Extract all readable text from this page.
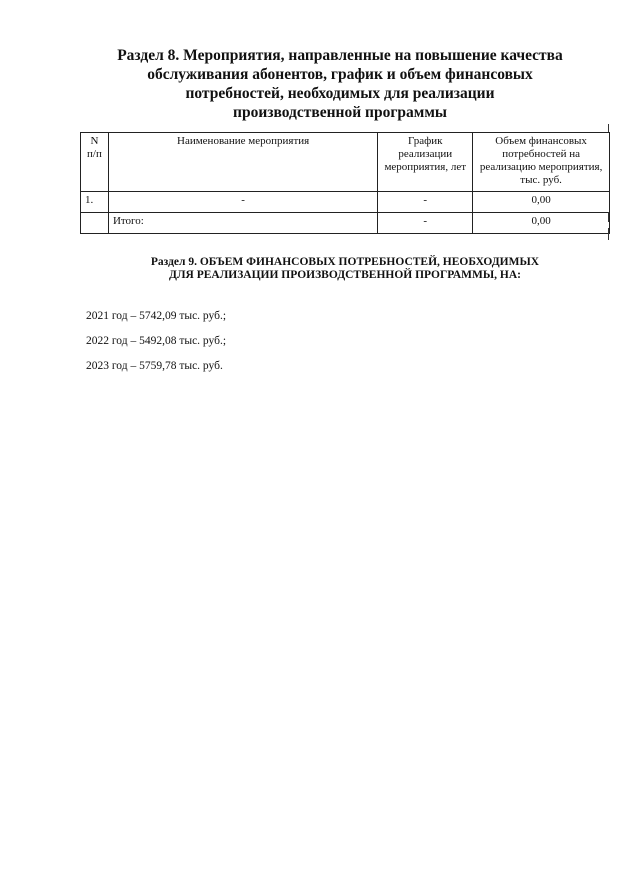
Раздел 8. Мероприятия, направленные на повышение качества
обслуживания абонентов, график и объем финансовых
потребностей, необходимых для реализации
производственной программы
N п/п	Наименование мероприятия	График реализации мероприятия, лет	Объем финансовых потребностей на реализацию мероприятия, тыс. руб.
1.	-	-	0,00
	Итого:	-	0,00
Раздел 9. ОБЪЕМ ФИНАНСОВЫХ ПОТРЕБНОСТЕЙ, НЕОБХОДИМЫХ
ДЛЯ РЕАЛИЗАЦИИ ПРОИЗВОДСТВЕННОЙ ПРОГРАММЫ, НА:
2021 год – 5742,09 тыс. руб.;
2022 год – 5492,08 тыс. руб.;
2023 год – 5759,78 тыс. руб.
